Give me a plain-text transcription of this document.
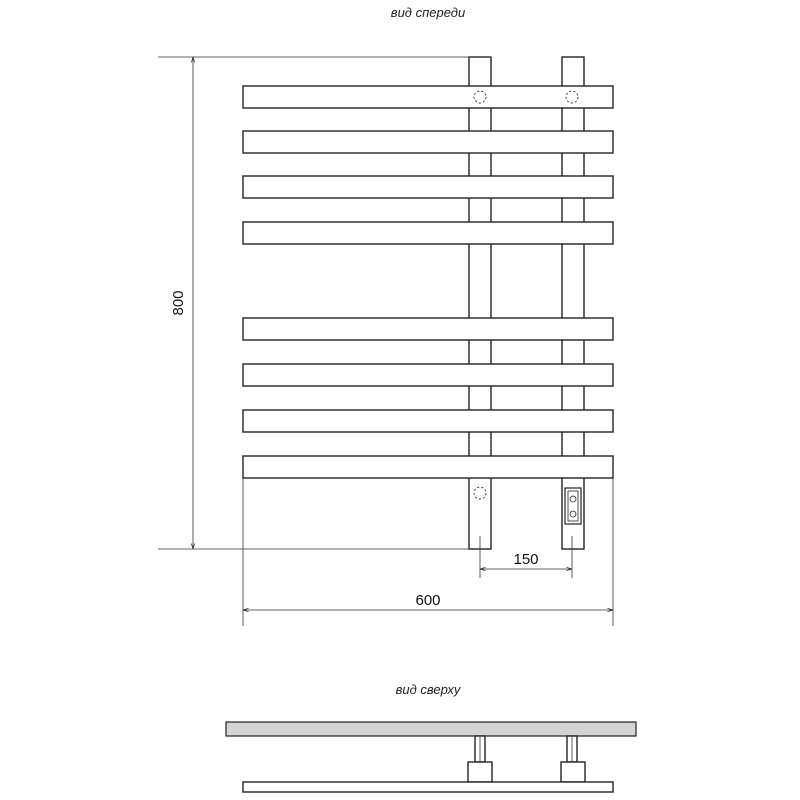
вид спереди
800
150
600
вид сверху
